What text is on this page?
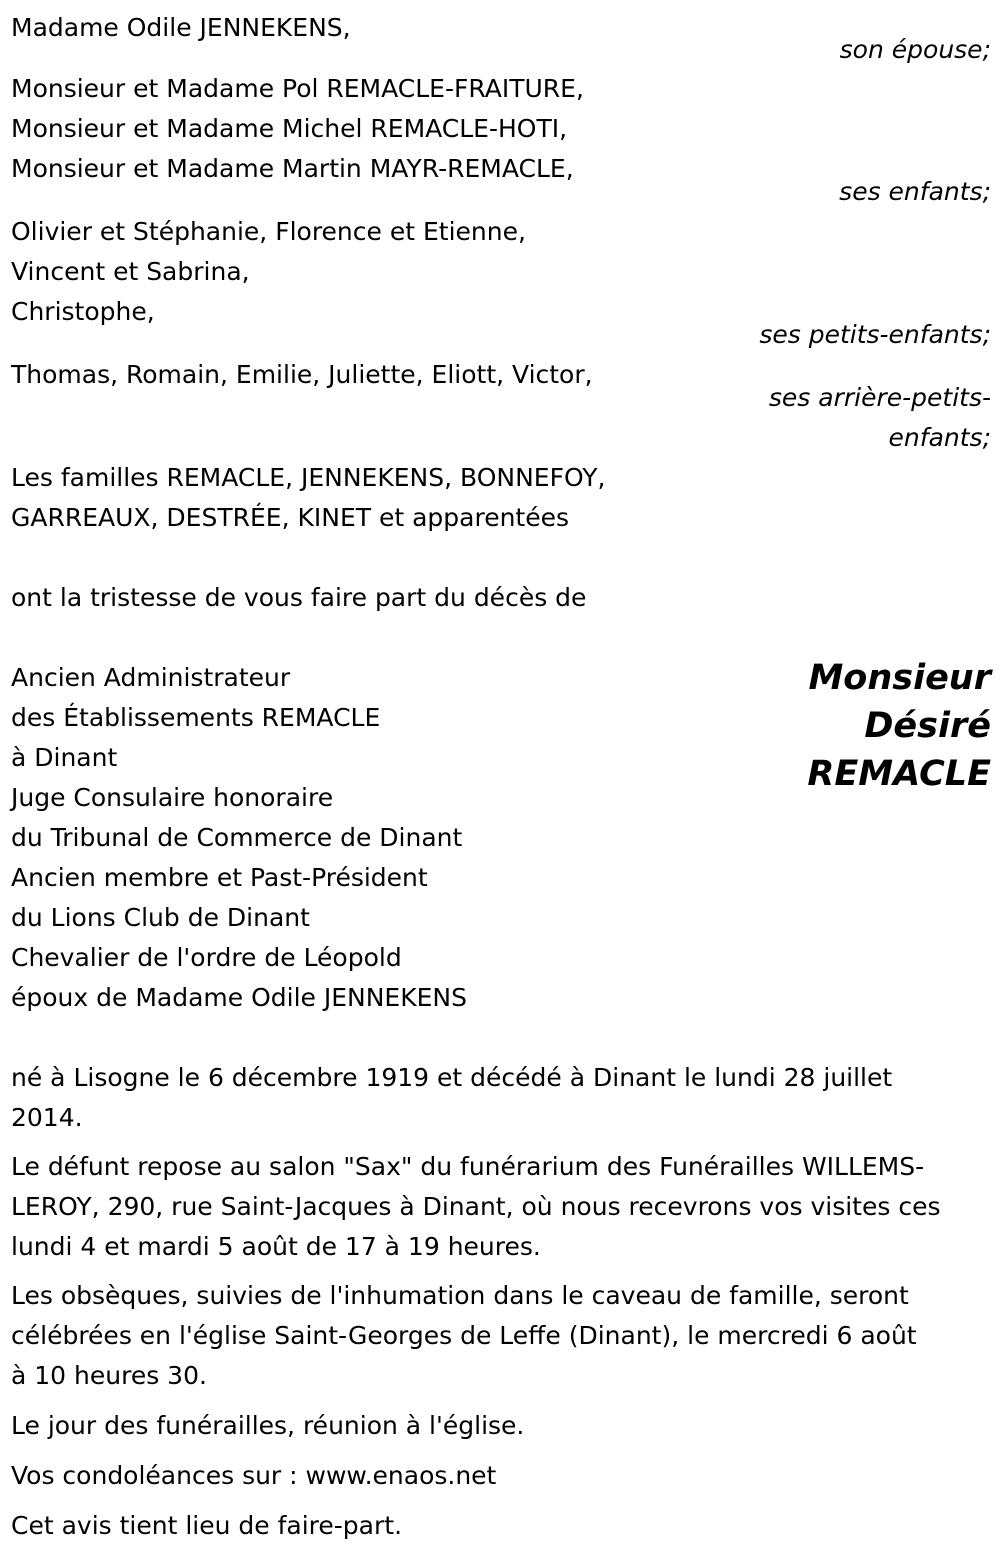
Madame Odile JENNEKENS,
son épouse;
Monsieur et Madame Pol REMACLE-FRAITURE,
Monsieur et Madame Michel REMACLE-HOTI,
Monsieur et Madame Martin MAYR-REMACLE,
ses enfants;
Olivier et Stéphanie, Florence et Etienne,
Vincent et Sabrina,
Christophe,
ses petits-enfants;
Thomas, Romain, Emilie, Juliette, Eliott, Victor,
ses arrière-petits-
enfants;
Les familles REMACLE, JENNEKENS, BONNEFOY,
GARREAUX, DESTRÉE, KINET et apparentées
ont la tristesse de vous faire part du décès de
Monsieur
Désiré
REMACLE
Ancien Administrateur
des Établissements REMACLE
à Dinant
Juge Consulaire honoraire
du Tribunal de Commerce de Dinant
Ancien membre et Past-Président
du Lions Club de Dinant
Chevalier de l'ordre de Léopold
époux de Madame Odile JENNEKENS
né à Lisogne le 6 décembre 1919 et décédé à Dinant le lundi 28 juillet
2014.
Le défunt repose au salon "Sax" du funérarium des Funérailles WILLEMS-
LEROY, 290, rue Saint-Jacques à Dinant, où nous recevrons vos visites ces
lundi 4 et mardi 5 août de 17 à 19 heures.
Les obsèques, suivies de l'inhumation dans le caveau de famille, seront
célébrées en l'église Saint-Georges de Leffe (Dinant), le mercredi 6 août
à 10 heures 30.
Le jour des funérailles, réunion à l'église.
Vos condoléances sur : www.enaos.net
Cet avis tient lieu de faire-part.
